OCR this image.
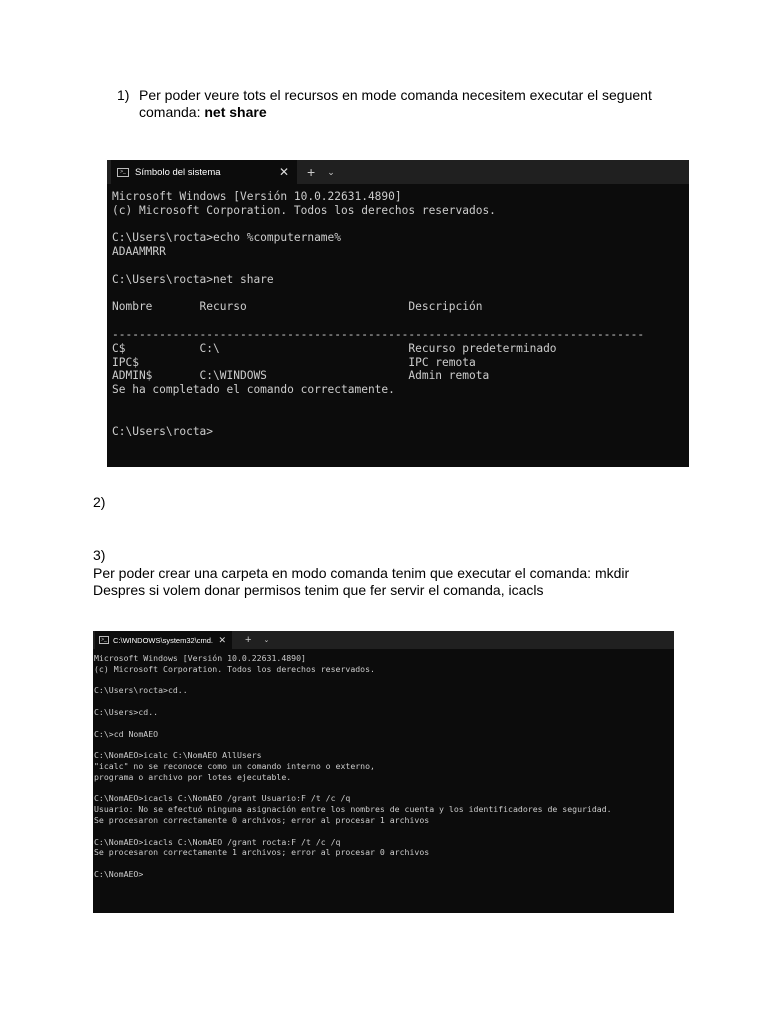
1) Per poder veure tots el recursos en mode comanda necesitem executar el seguent comanda: net share
>_ Símbolo del sistema	✕ + ⌄
Microsoft Windows [Versión 10.0.22631.4890]
(c) Microsoft Corporation. Todos los derechos reservados.

C:\Users\rocta>echo %computername%
ADAAMMRR

C:\Users\rocta>net share

Nombre       Recurso                        Descripción

-------------------------------------------------------------------------------
C$           C:\                            Recurso predeterminado
IPC$                                        IPC remota
ADMIN$       C:\WINDOWS                     Admin remota
Se ha completado el comando correctamente.

C:\Users\rocta>
2)
3)
Per poder crear una carpeta en modo comanda tenim que executar el comanda: mkdir
Despres si volem donar permisos tenim que fer servir el comanda, icacls
>_ C:\WINDOWS\system32\cmd. ✕ + ⌄
Microsoft Windows [Versión 10.0.22631.4890]
(c) Microsoft Corporation. Todos los derechos reservados.

C:\Users\rocta>cd..

C:\Users>cd..

C:\>cd NomAEO

C:\NomAEO>icalc C:\NomAEO AllUsers
"icalc" no se reconoce como un comando interno o externo,
programa o archivo por lotes ejecutable.

C:\NomAEO>icacls C:\NomAEO /grant Usuario:F /t /c /q
Usuario: No se efectuó ninguna asignación entre los nombres de cuenta y los identificadores de seguridad.
Se procesaron correctamente 0 archivos; error al procesar 1 archivos

C:\NomAEO>icacls C:\NomAEO /grant rocta:F /t /c /q
Se procesaron correctamente 1 archivos; error al procesar 0 archivos

C:\NomAEO>
